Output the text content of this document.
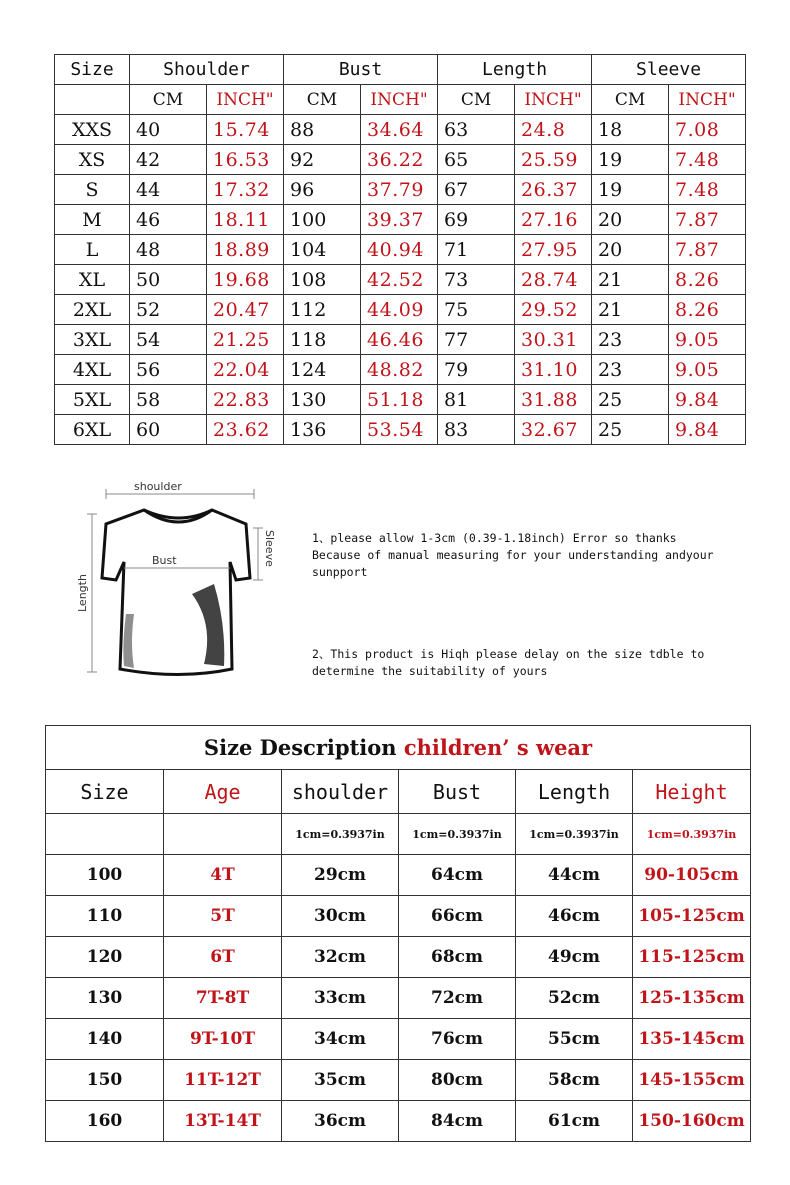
Size	Shoulder		Bust		Length		Sleeve	
	CM	INCH"	CM	INCH"	CM	INCH"	CM	INCH"
XXS	40	15.74	88	34.64	63	24.8	18	7.08
XS	42	16.53	92	36.22	65	25.59	19	7.48
S	44	17.32	96	37.79	67	26.37	19	7.48
M	46	18.11	100	39.37	69	27.16	20	7.87
L	48	18.89	104	40.94	71	27.95	20	7.87
XL	50	19.68	108	42.52	73	28.74	21	8.26
2XL	52	20.47	112	44.09	75	29.52	21	8.26
3XL	54	21.25	118	46.46	77	30.31	23	9.05
4XL	56	22.04	124	48.82	79	31.10	23	9.05
5XL	58	22.83	130	51.18	81	31.88	25	9.84
6XL	60	23.62	136	53.54	83	32.67	25	9.84
shoulder
Bust	Sleeve
Length

1、please allow 1-3cm (0.39-1.18inch) Error so thanks

Because of manual measuring for your understanding andyour

sunpport

2、This product is Hiqh please delay on the size tdble to

determine the suitability of yours

Size Description children’ s wear					
Size	Age	shoulder	Bust	Length	Height
		1cm=0.3937in	1cm=0.3937in	1cm=0.3937in	1cm=0.3937in
100	4T	29cm	64cm	44cm	90-105cm
110	5T	30cm	66cm	46cm	105-125cm
120	6T	32cm	68cm	49cm	115-125cm
130	7T-8T	33cm	72cm	52cm	125-135cm
140	9T-10T	34cm	76cm	55cm	135-145cm
150	11T-12T	35cm	80cm	58cm	145-155cm
160	13T-14T	36cm	84cm	61cm	150-160cm
